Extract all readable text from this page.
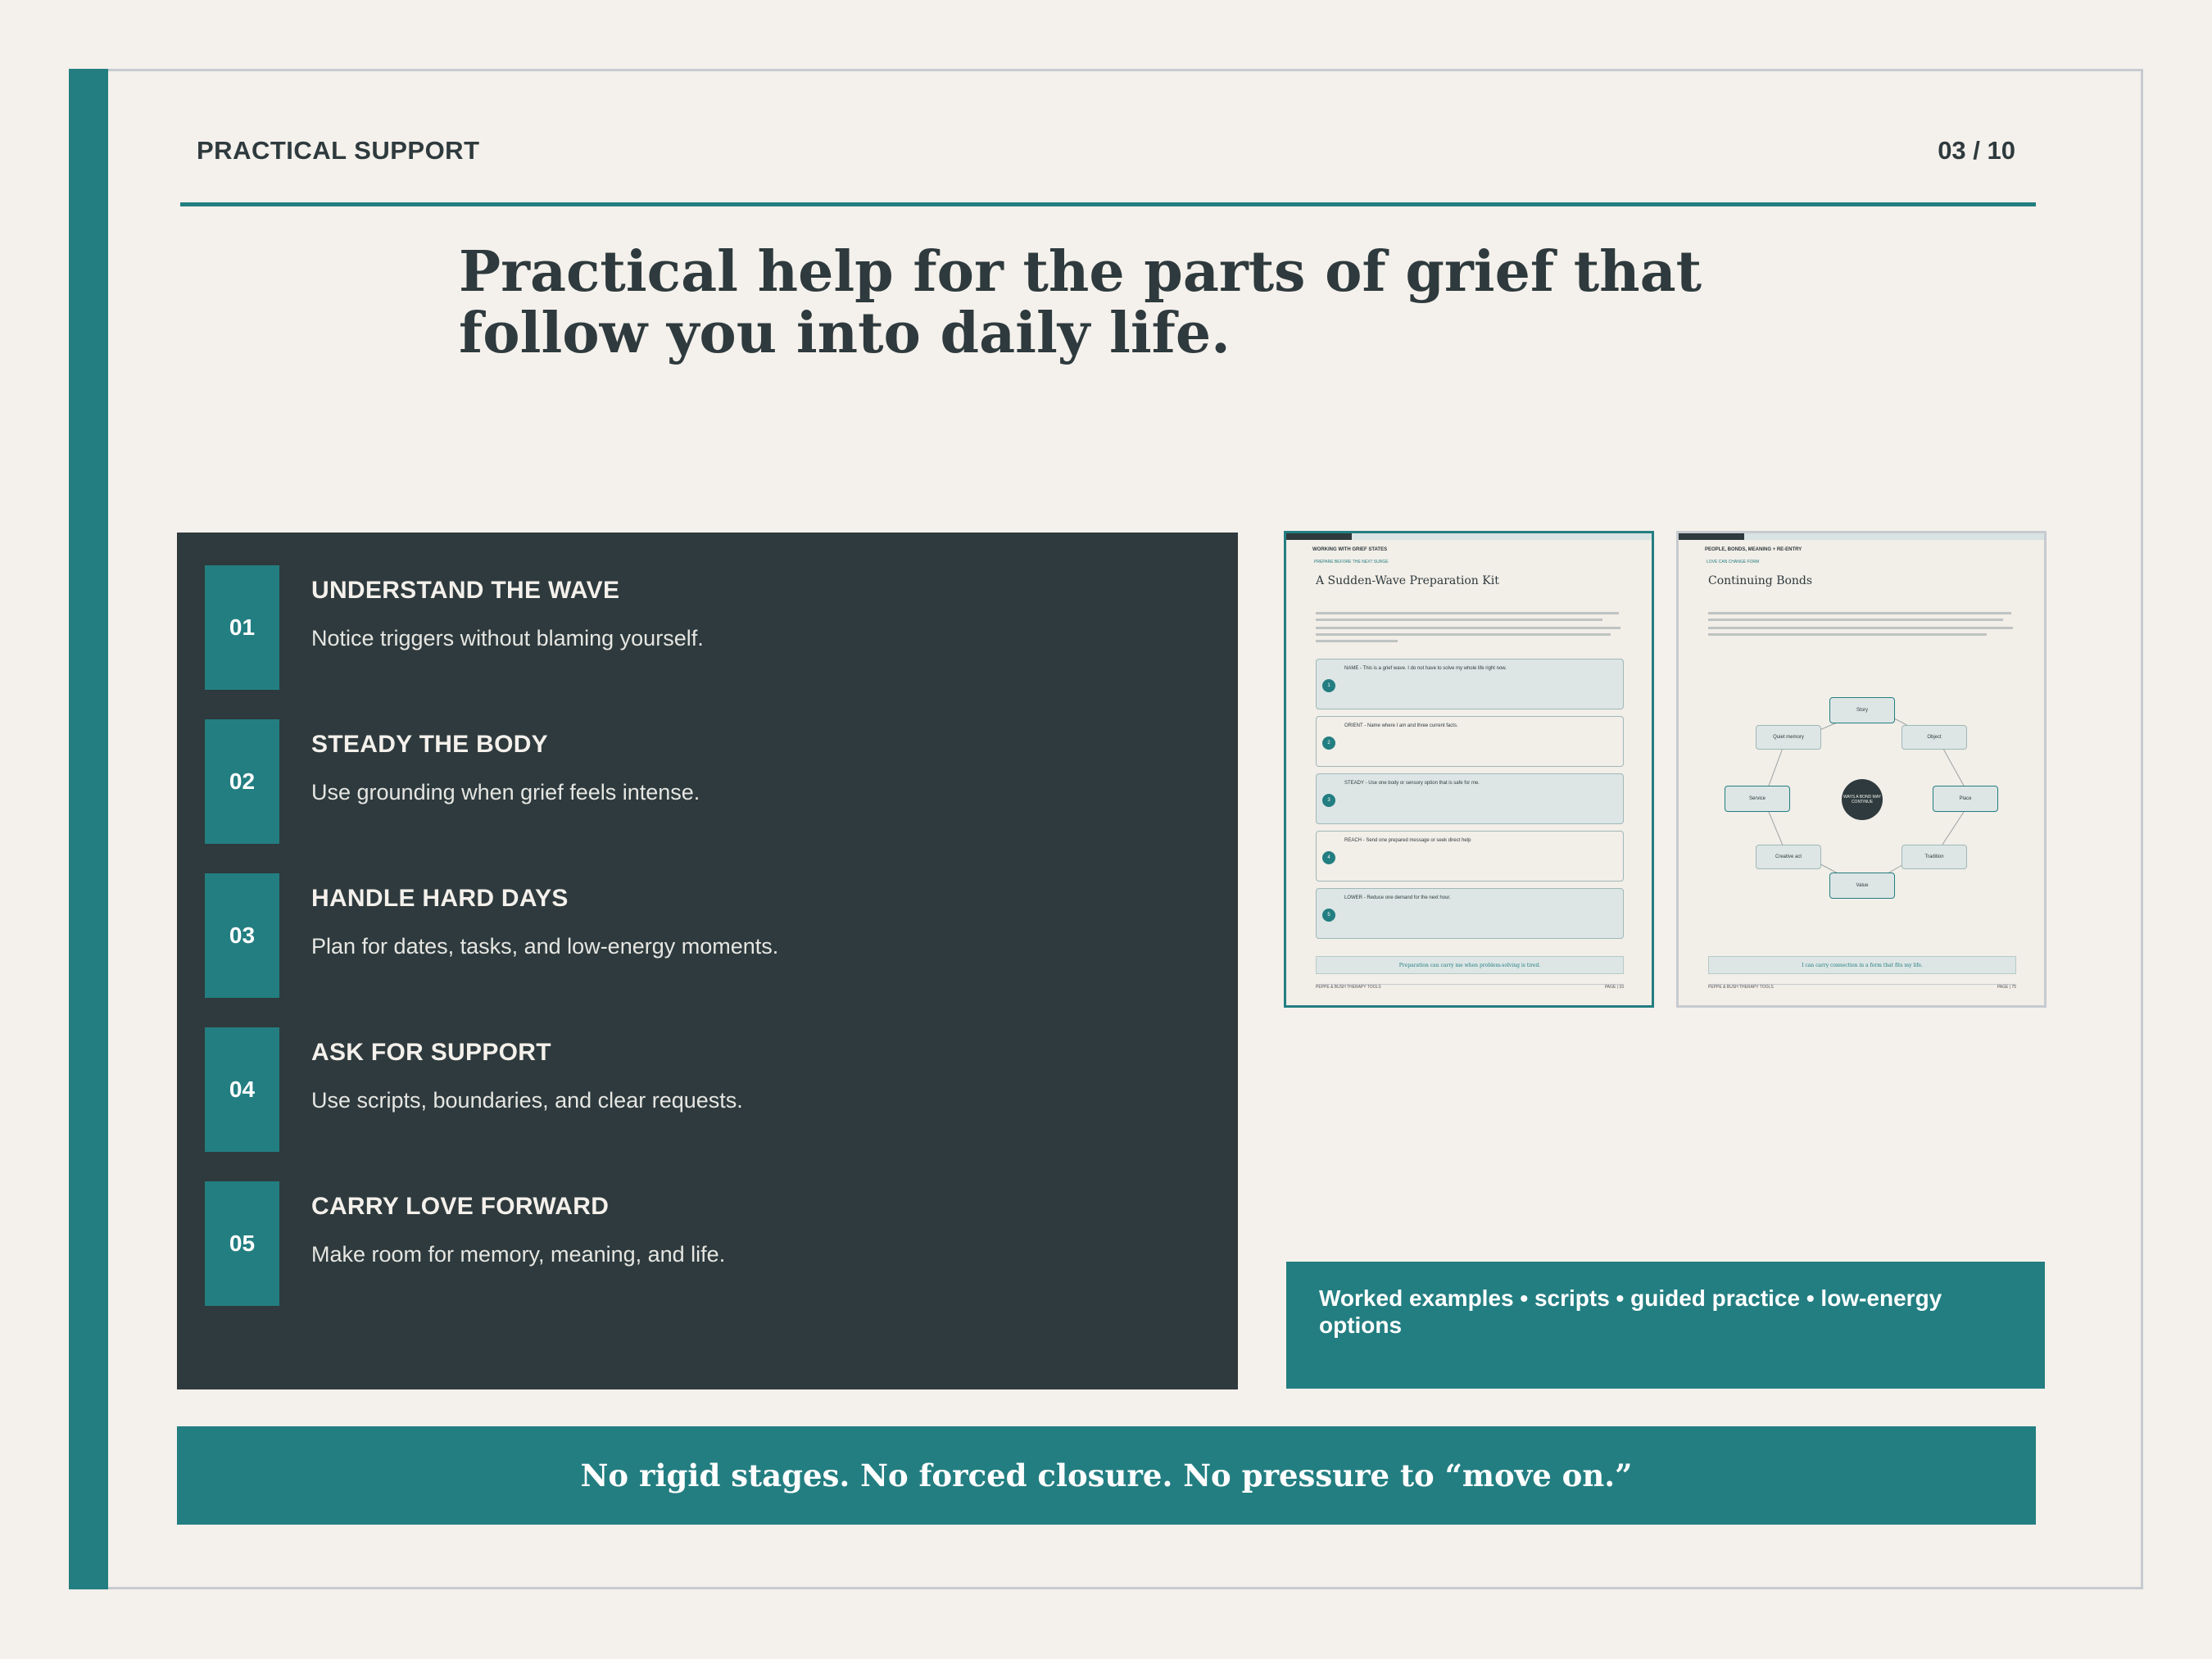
PRACTICAL SUPPORT	03 / 10
Practical help for the parts of grief that follow you into daily life.
01
UNDERSTAND THE WAVE
Notice triggers without blaming yourself.
02
STEADY THE BODY
Use grounding when grief feels intense.
03
HANDLE HARD DAYS
Plan for dates, tasks, and low-energy moments.
04
ASK FOR SUPPORT
Use scripts, boundaries, and clear requests.
05
CARRY LOVE FORWARD
Make room for memory, meaning, and life.
WORKING WITH GRIEF STATES
PREPARE BEFORE THE NEXT SURGE
A Sudden-Wave Preparation Kit
1
NAME - This is a grief wave. I do not have to solve my whole life right now.
2
ORIENT - Name where I am and three current facts.
3
STEADY - Use one body or sensory option that is safe for me.
4
REACH - Send one prepared message or seek direct help
5
LOWER - Reduce one demand for the next hour.
Preparation can carry me when problem-solving is tired.
PEPPE & BUSH THERAPY TOOLS	PAGE | 33
PEOPLE, BONDS, MEANING + RE-ENTRY
LOVE CAN CHANGE FORM
Continuing Bonds
Story
Object
Place
Tradition
Value
Creative act
Service
Quiet memory
WAYS A BOND MAY CONTINUE
I can carry connection in a form that fits my life.
PEPPE & BUSH THERAPY TOOLS	PAGE | 75
Worked examples • scripts • guided practice • low-energy options
No rigid stages. No forced closure. No pressure to “move on.”
